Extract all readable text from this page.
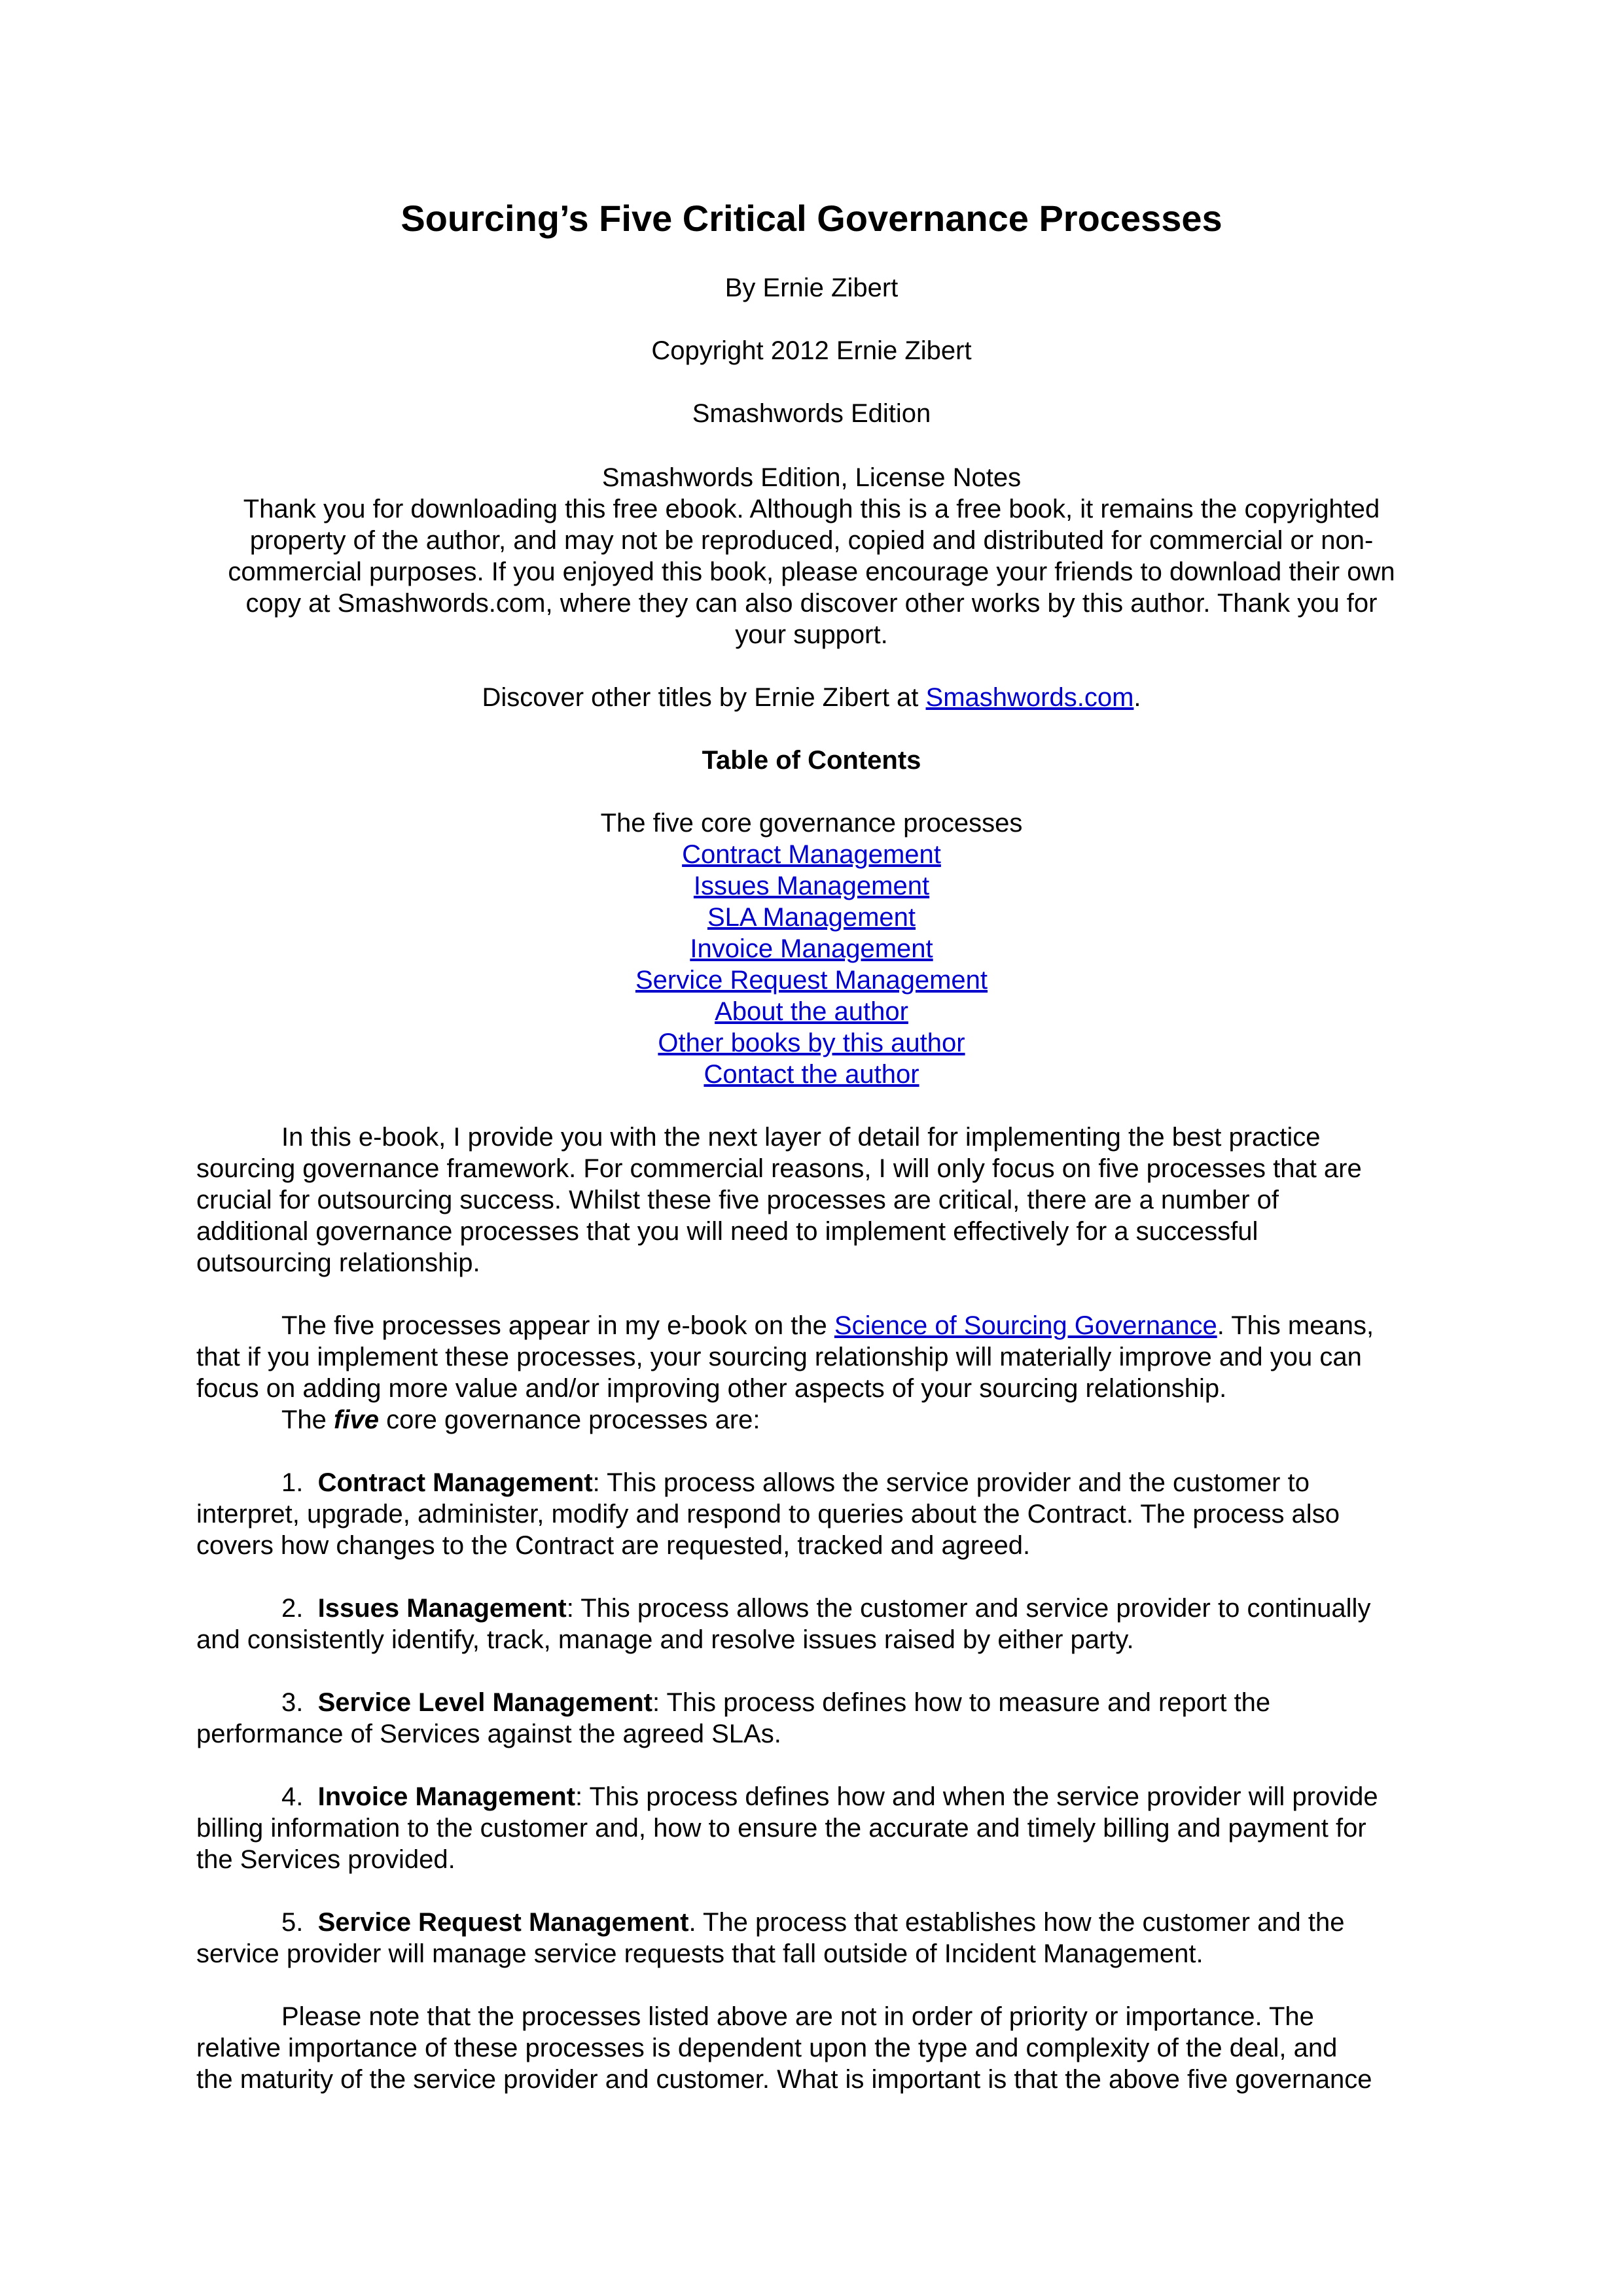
Sourcing’s Five Critical Governance Processes
By Ernie Zibert
Copyright 2012 Ernie Zibert
Smashwords Edition

Smashwords Edition, License Notes

Thank you for downloading this free ebook. Although this is a free book, it remains the copyrighted

property of the author, and may not be reproduced, copied and distributed for commercial or non-

commercial purposes. If you enjoyed this book, please encourage your friends to download their own

copy at Smashwords.com, where they can also discover other works by this author. Thank you for

your support.

Discover other titles by Ernie Zibert at Smashwords.com.
Table of Contents
The five core governance processes
Contract Management
Issues Management
SLA Management
Invoice Management
Service Request Management
About the author
Other books by this author
Contact the author

In this e-book, I provide you with the next layer of detail for implementing the best practice

sourcing governance framework. For commercial reasons, I will only focus on five processes that are

crucial for outsourcing success. Whilst these five processes are critical, there are a number of

additional governance processes that you will need to implement effectively for a successful

outsourcing relationship.

The five processes appear in my e-book on the Science of Sourcing Governance. This means,

that if you implement these processes, your sourcing relationship will materially improve and you can

focus on adding more value and/or improving other aspects of your sourcing relationship.

The five core governance processes are:

1. Contract Management: This process allows the service provider and the customer to

interpret, upgrade, administer, modify and respond to queries about the Contract. The process also

covers how changes to the Contract are requested, tracked and agreed.

2. Issues Management: This process allows the customer and service provider to continually

and consistently identify, track, manage and resolve issues raised by either party.

3. Service Level Management: This process defines how to measure and report the

performance of Services against the agreed SLAs.

4. Invoice Management: This process defines how and when the service provider will provide

billing information to the customer and, how to ensure the accurate and timely billing and payment for

the Services provided.

5. Service Request Management. The process that establishes how the customer and the

service provider will manage service requests that fall outside of Incident Management.

Please note that the processes listed above are not in order of priority or importance. The

relative importance of these processes is dependent upon the type and complexity of the deal, and

the maturity of the service provider and customer. What is important is that the above five governance
